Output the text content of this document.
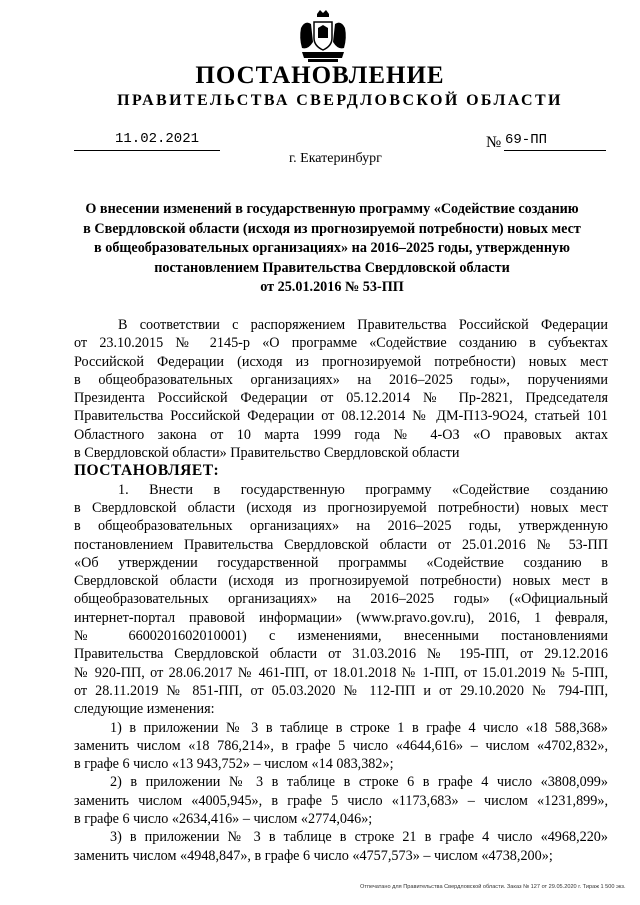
ПОСТАНОВЛЕНИЕ
ПРАВИТЕЛЬСТВА СВЕРДЛОВСКОЙ ОБЛАСТИ
11.02.2021	№ 69-ПП
г. Екатеринбург
О внесении изменений в государственную программу «Содействие созданию
в Свердловской области (исходя из прогнозируемой потребности) новых мест
в общеобразовательных организациях» на 2016–2025 годы, утвержденную
постановлением Правительства Свердловской области
от 25.01.2016 № 53-ПП
В соответствии с распоряжением Правительства Российской Федерации
от 23.10.2015 № 2145-р «О программе «Содействие созданию в субъектах
Российской Федерации (исходя из прогнозируемой потребности) новых мест
в общеобразовательных организациях» на 2016–2025 годы», поручениями
Президента Российской Федерации от 05.12.2014 № Пр-2821, Председателя
Правительства Российской Федерации от 08.12.2014 № ДМ-П13-9О24, статьей 101
Областного закона от 10 марта 1999 года № 4-ОЗ «О правовых актах
в Свердловской области» Правительство Свердловской области
ПОСТАНОВЛЯЕТ:
1. Внести в государственную программу «Содействие созданию
в Свердловской области (исходя из прогнозируемой потребности) новых мест
в общеобразовательных организациях» на 2016–2025 годы, утвержденную
постановлением Правительства Свердловской области от 25.01.2016 № 53-ПП
«Об утверждении государственной программы «Содействие созданию в
Свердловской области (исходя из прогнозируемой потребности) новых мест в
общеобразовательных организациях» на 2016–2025 годы» («Официальный
интернет-портал правовой информации» (www.pravo.gov.ru), 2016, 1 февраля,
№ 6600201602010001) с изменениями, внесенными постановлениями
Правительства Свердловской области от 31.03.2016 № 195-ПП, от 29.12.2016
№ 920-ПП, от 28.06.2017 № 461-ПП, от 18.01.2018 № 1-ПП, от 15.01.2019 № 5-ПП,
от 28.11.2019 № 851-ПП, от 05.03.2020 № 112-ПП и от 29.10.2020 № 794-ПП,
следующие изменения:
1) в приложении № 3 в таблице в строке 1 в графе 4 число «18 588,368»
заменить числом «18 786,214», в графе 5 число «4644,616» – числом «4702,832»,
в графе 6 число «13 943,752» – числом «14 083,382»;
2) в приложении № 3 в таблице в строке 6 в графе 4 число «3808,099»
заменить числом «4005,945», в графе 5 число «1173,683» – числом «1231,899»,
в графе 6 число «2634,416» – числом «2774,046»;
3) в приложении № 3 в таблице в строке 21 в графе 4 число «4968,220»
заменить числом «4948,847», в графе 6 число «4757,573» – числом «4738,200»;
Отпечатано для Правительства Свердловской области. Заказ № 127 от 29.05.2020 г. Тираж 1 500 экз.
